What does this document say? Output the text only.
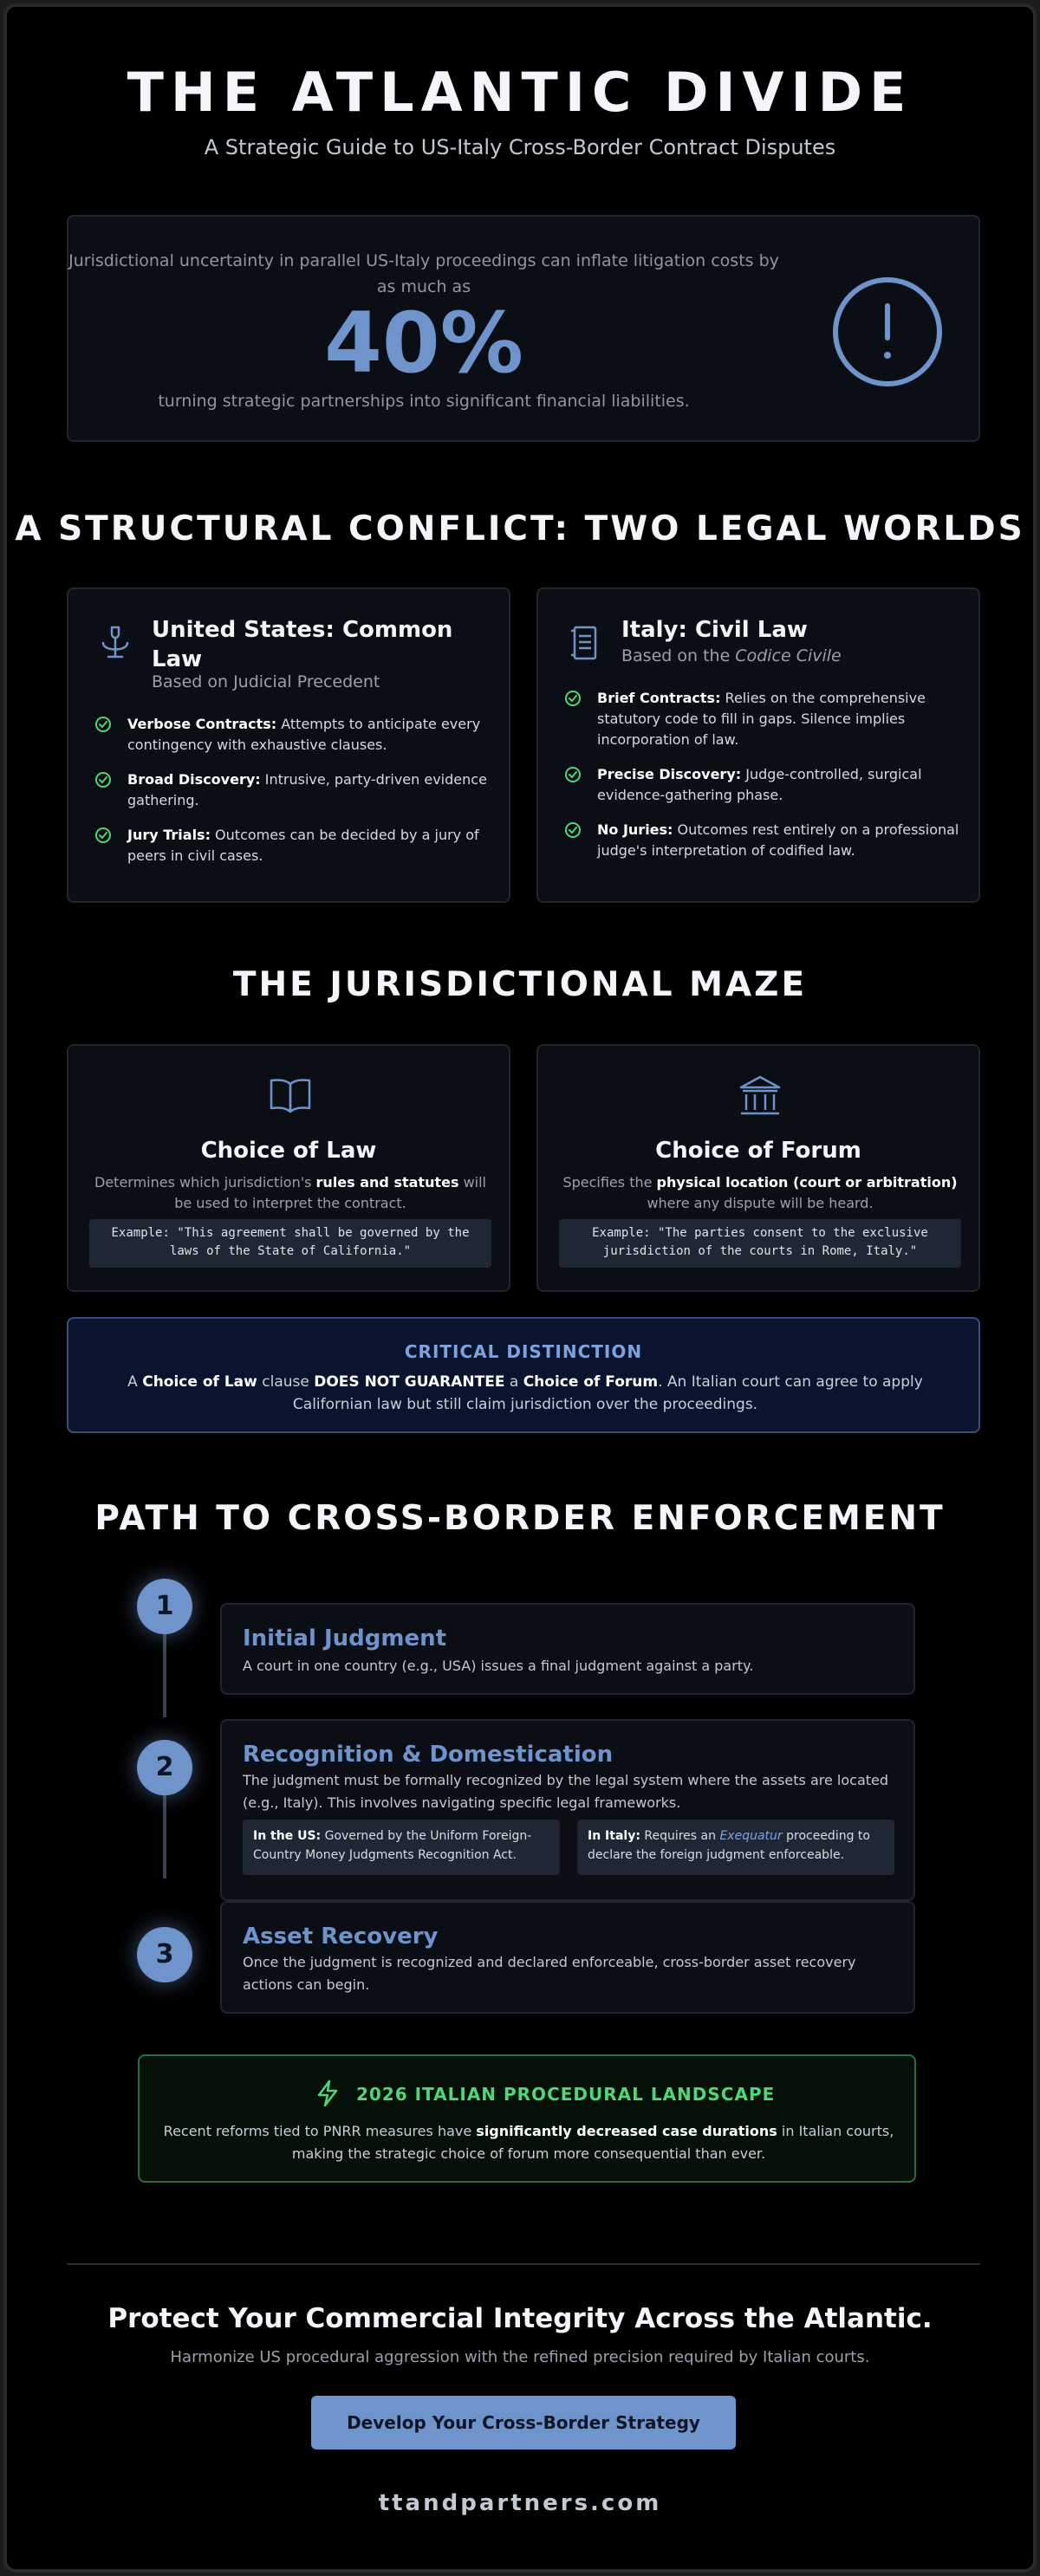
THE ATLANTIC DIVIDE
A Strategic Guide to US-Italy Cross-Border Contract Disputes
Jurisdictional uncertainty in parallel US-Italy proceedings can inflate litigation costs by as much as
40%
turning strategic partnerships into significant financial liabilities.
A STRUCTURAL CONFLICT: TWO LEGAL WORLDS
United States: Common Law
Based on Judicial Precedent
Verbose Contracts: Attempts to anticipate every contingency with exhaustive clauses.
Broad Discovery: Intrusive, party-driven evidence gathering.
Jury Trials: Outcomes can be decided by a jury of peers in civil cases.
Italy: Civil Law
Based on the Codice Civile
Brief Contracts: Relies on the comprehensive statutory code to fill in gaps. Silence implies incorporation of law.
Precise Discovery: Judge-controlled, surgical evidence-gathering phase.
No Juries: Outcomes rest entirely on a professional judge's interpretation of codified law.
THE JURISDICTIONAL MAZE
Choice of Law
Determines which jurisdiction's rules and statutes will be used to interpret the contract.
Example: "This agreement shall be governed by the laws of the State of California."
Choice of Forum
Specifies the physical location (court or arbitration) where any dispute will be heard.
Example: "The parties consent to the exclusive jurisdiction of the courts in Rome, Italy."
CRITICAL DISTINCTION
A Choice of Law clause DOES NOT GUARANTEE a Choice of Forum. An Italian court can agree to apply Californian law but still claim jurisdiction over the proceedings.
PATH TO CROSS-BORDER ENFORCEMENT
1
Initial Judgment
A court in one country (e.g., USA) issues a final judgment against a party.
2	Recognition & Domestication
The judgment must be formally recognized by the legal system where the assets are located (e.g., Italy). This involves navigating specific legal frameworks.
In the US: Governed by the Uniform Foreign-Country Money Judgments Recognition Act.
In Italy: Requires an Exequatur proceeding to declare the foreign judgment enforceable.
3
Asset Recovery
Once the judgment is recognized and declared enforceable, cross-border asset recovery actions can begin.
2026 ITALIAN PROCEDURAL LANDSCAPE
Recent reforms tied to PNRR measures have significantly decreased case durations in Italian courts, making the strategic choice of forum more consequential than ever.
Protect Your Commercial Integrity Across the Atlantic.
Harmonize US procedural aggression with the refined precision required by Italian courts.
Develop Your Cross-Border Strategy
ttandpartners.com
